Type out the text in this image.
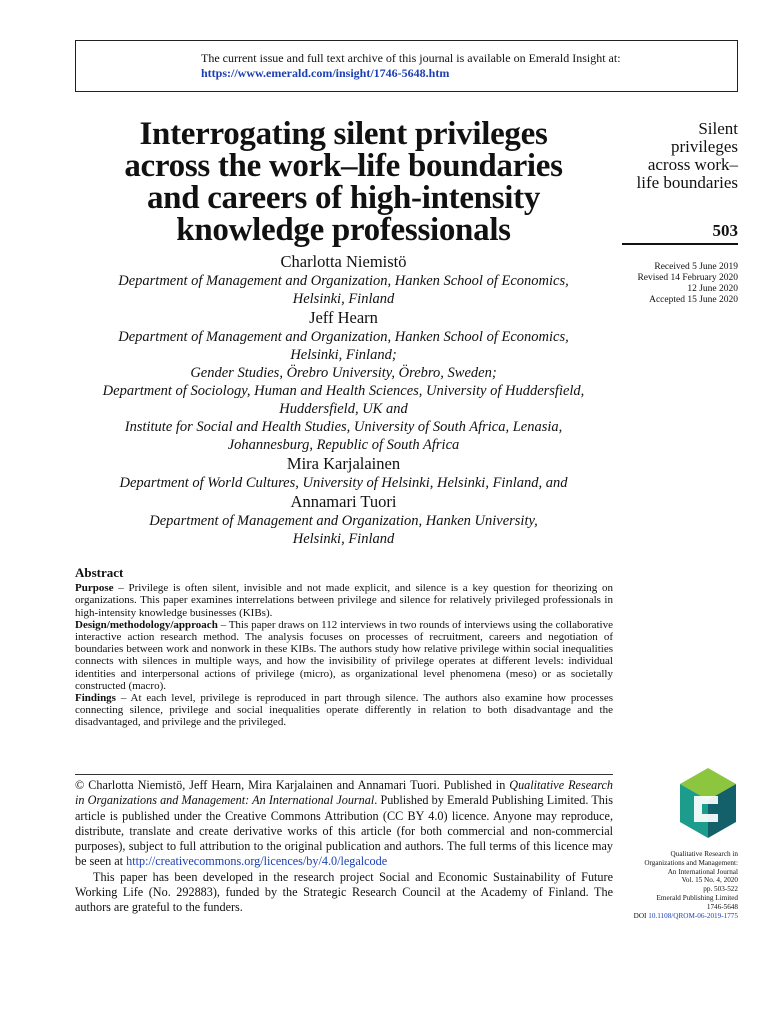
The current issue and full text archive of this journal is available on Emerald Insight at:
https://www.emerald.com/insight/1746-5648.htm
Interrogating silent privileges
across the work–life boundaries
and careers of high-intensity
knowledge professionals
Silent
privileges
across work–
life boundaries
503
Received 5 June 2019
Revised 14 February 2020
12 June 2020
Accepted 15 June 2020
Charlotta Niemistö
Department of Management and Organization, Hanken School of Economics,
Helsinki, Finland
Jeff Hearn
Department of Management and Organization, Hanken School of Economics,
Helsinki, Finland;
Gender Studies, Örebro University, Örebro, Sweden;
Department of Sociology, Human and Health Sciences, University of Huddersfield,
Huddersfield, UK and
Institute for Social and Health Studies, University of South Africa, Lenasia,
Johannesburg, Republic of South Africa
Mira Karjalainen
Department of World Cultures, University of Helsinki, Helsinki, Finland, and
Annamari Tuori
Department of Management and Organization, Hanken University,
Helsinki, Finland
Abstract

Purpose – Privilege is often silent, invisible and not made explicit, and silence is a key question for theorizing on organizations. This paper examines interrelations between privilege and silence for relatively privileged professionals in high-intensity knowledge businesses (KIBs).

Design/methodology/approach – This paper draws on 112 interviews in two rounds of interviews using the collaborative interactive action research method. The analysis focuses on processes of recruitment, careers and negotiation of boundaries between work and nonwork in these KIBs. The authors study how relative privilege within social inequalities connects with silences in multiple ways, and how the invisibility of privilege operates at different levels: individual identities and interpersonal actions of privilege (micro), as organizational level phenomena (meso) or as societally constructed (macro).

Findings – At each level, privilege is reproduced in part through silence. The authors also examine how processes connecting silence, privilege and social inequalities operate differently in relation to both disadvantage and the disadvantaged, and privilege and the privileged.

© Charlotta Niemistö, Jeff Hearn, Mira Karjalainen and Annamari Tuori. Published in Qualitative Research in Organizations and Management: An International Journal. Published by Emerald Publishing Limited. This article is published under the Creative Commons Attribution (CC BY 4.0) licence. Anyone may reproduce, distribute, translate and create derivative works of this article (for both commercial and non-commercial purposes), subject to full attribution to the original publication and authors. The full terms of this licence may be seen at http://creativecommons.org/licences/by/4.0/legalcode

This paper has been developed in the research project Social and Economic Sustainability of Future Working Life (No. 292883), funded by the Strategic Research Council at the Academy of Finland. The authors are grateful to the funders.

Qualitative Research in
Organizations and Management:
An International Journal
Vol. 15 No. 4, 2020
pp. 503-522
Emerald Publishing Limited
1746-5648
DOI 10.1108/QROM-06-2019-1775
